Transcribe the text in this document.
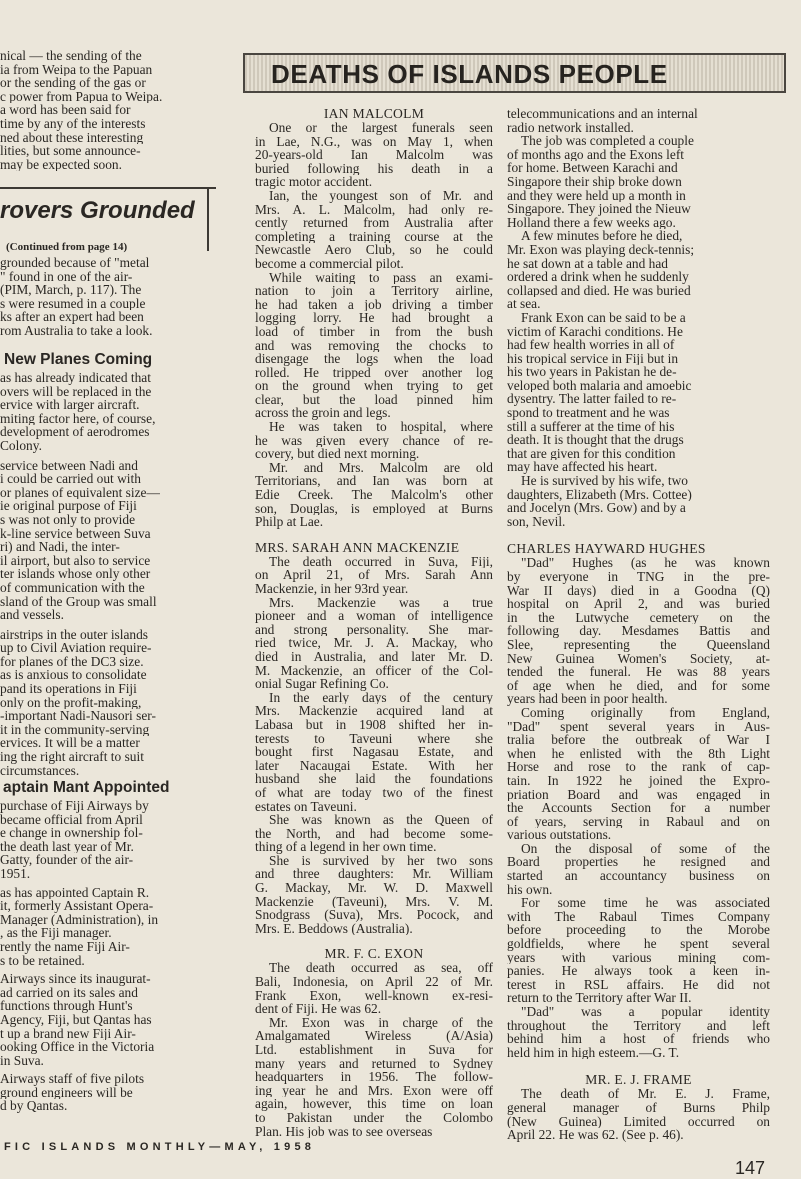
DEATHS OF ISLANDS PEOPLE
nical — the sending of the
ia from Weipa to the Papuan
or the sending of the gas or
c power from Papua to Weipa.
a word has been said for
time by any of the interests
ned about these interesting
lities, but some announce-
may be expected soon.
rovers Grounded
(Continued from page 14)
grounded because of "metal
" found in one of the air-
(PIM, March, p. 117). The
s were resumed in a couple
ks after an expert had been
rom Australia to take a look.
New Planes Coming
as has already indicated that
overs will be replaced in the
ervice with larger aircraft.
miting factor here, of course,
development of aerodromes
Colony.
service between Nadi and
i could be carried out with
or planes of equivalent size—
ie original purpose of Fiji
s was not only to provide
k-line service between Suva
ri) and Nadi, the inter-
il airport, but also to service
ter islands whose only other
of communication with the
sland of the Group was small
and vessels.
airstrips in the outer islands
up to Civil Aviation require-
for planes of the DC3 size.
as is anxious to consolidate
pand its operations in Fiji
only on the profit-making,
-important Nadi-Nausori ser-
it in the community-serving
ervices. It will be a matter
ing the right aircraft to suit
circumstances.
aptain Mant Appointed
purchase of Fiji Airways by
became official from April
e change in ownership fol-
the death last year of Mr.
Gatty, founder of the air-
1951.
as has appointed Captain R.
it, formerly Assistant Opera-
Manager (Administration), in
, as the Fiji manager.
rently the name Fiji Air-
s to be retained.
Airways since its inaugurat-
ad carried on its sales and
functions through Hunt's
Agency, Fiji, but Qantas has
t up a brand new Fiji Air-
ooking Office in the Victoria
in Suva.
Airways staff of five pilots
ground engineers will be
d by Qantas.
IAN MALCOLM
One or the largest funerals seen
in Lae, N.G., was on May 1, when
20-years-old Ian Malcolm was
buried following his death in a
tragic motor accident.
Ian, the youngest son of Mr. and
Mrs. A. L. Malcolm, had only re-
cently returned from Australia after
completing a training course at the
Newcastle Aero Club, so he could
become a commercial pilot.
While waiting to pass an exami-
nation to join a Territory airline,
he had taken a job driving a timber
logging lorry. He had brought a
load of timber in from the bush
and was removing the chocks to
disengage the logs when the load
rolled. He tripped over another log
on the ground when trying to get
clear, but the load pinned him
across the groin and legs.
He was taken to hospital, where
he was given every chance of re-
covery, but died next morning.
Mr. and Mrs. Malcolm are old
Territorians, and Ian was born at
Edie Creek. The Malcolm's other
son, Douglas, is employed at Burns
Philp at Lae.
MRS. SARAH ANN MACKENZIE
The death occurred in Suva, Fiji,
on April 21, of Mrs. Sarah Ann
Mackenzie, in her 93rd year.
Mrs. Mackenzie was a true
pioneer and a woman of intelligence
and strong personality. She mar-
ried twice, Mr. J. A. Mackay, who
died in Australia, and later Mr. D.
M. Mackenzie, an officer of the Col-
onial Sugar Refining Co.
In the early days of the century
Mrs. Mackenzie acquired land at
Labasa but in 1908 shifted her in-
terests to Taveuni where she
bought first Nagasau Estate, and
later Nacaugai Estate. With her
husband she laid the foundations
of what are today two of the finest
estates on Taveuni.
She was known as the Queen of
the North, and had become some-
thing of a legend in her own time.
She is survived by her two sons
and three daughters: Mr. William
G. Mackay, Mr. W. D. Maxwell
Mackenzie (Taveuni), Mrs. V. M.
Snodgrass (Suva), Mrs. Pocock, and
Mrs. E. Beddows (Australia).
MR. F. C. EXON
The death occurred as sea, off
Bali, Indonesia, on April 22 of Mr.
Frank Exon, well-known ex-resi-
dent of Fiji. He was 62.
Mr. Exon was in charge of the
Amalgamated Wireless (A/Asia)
Ltd. establishment in Suva for
many years and returned to Sydney
headquarters in 1956. The follow-
ing year he and Mrs. Exon were off
again, however, this time on loan
to Pakistan under the Colombo
Plan. His job was to see overseas
telecommunications and an internal
radio network installed.
The job was completed a couple
of months ago and the Exons left
for home. Between Karachi and
Singapore their ship broke down
and they were held up a month in
Singapore. They joined the Nieuw
Holland there a few weeks ago.
A few minutes before he died,
Mr. Exon was playing deck-tennis;
he sat down at a table and had
ordered a drink when he suddenly
collapsed and died. He was buried
at sea.
Frank Exon can be said to be a
victim of Karachi conditions. He
had few health worries in all of
his tropical service in Fiji but in
his two years in Pakistan he de-
veloped both malaria and amoebic
dysentry. The latter failed to re-
spond to treatment and he was
still a sufferer at the time of his
death. It is thought that the drugs
that are given for this condition
may have affected his heart.
He is survived by his wife, two
daughters, Elizabeth (Mrs. Cottee)
and Jocelyn (Mrs. Gow) and by a
son, Nevil.
CHARLES HAYWARD HUGHES
"Dad" Hughes (as he was known
by everyone in TNG in the pre-
War II days) died in a Goodna (Q)
hospital on April 2, and was buried
in the Lutwyche cemetery on the
following day. Mesdames Battis and
Slee, representing the Queensland
New Guinea Women's Society, at-
tended the funeral. He was 88 years
of age when he died, and for some
years had been in poor health.
Coming originally from England,
"Dad" spent several years in Aus-
tralia before the outbreak of War I
when he enlisted with the 8th Light
Horse and rose to the rank of cap-
tain. In 1922 he joined the Expro-
priation Board and was engaged in
the Accounts Section for a number
of years, serving in Rabaul and on
various outstations.
On the disposal of some of the
Board properties he resigned and
started an accountancy business on
his own.
For some time he was associated
with The Rabaul Times Company
before proceeding to the Morobe
goldfields, where he spent several
years with various mining com-
panies. He always took a keen in-
terest in RSL affairs. He did not
return to the Territory after War II.
"Dad" was a popular identity
throughout the Territory and left
behind him a host of friends who
held him in high esteem.—G. T.
MR. E. J. FRAME
The death of Mr. E. J. Frame,
general manager of Burns Philp
(New Guinea) Limited occurred on
April 22. He was 62. (See p. 46).
FIC ISLANDS MONTHLY—MAY, 1958
147
